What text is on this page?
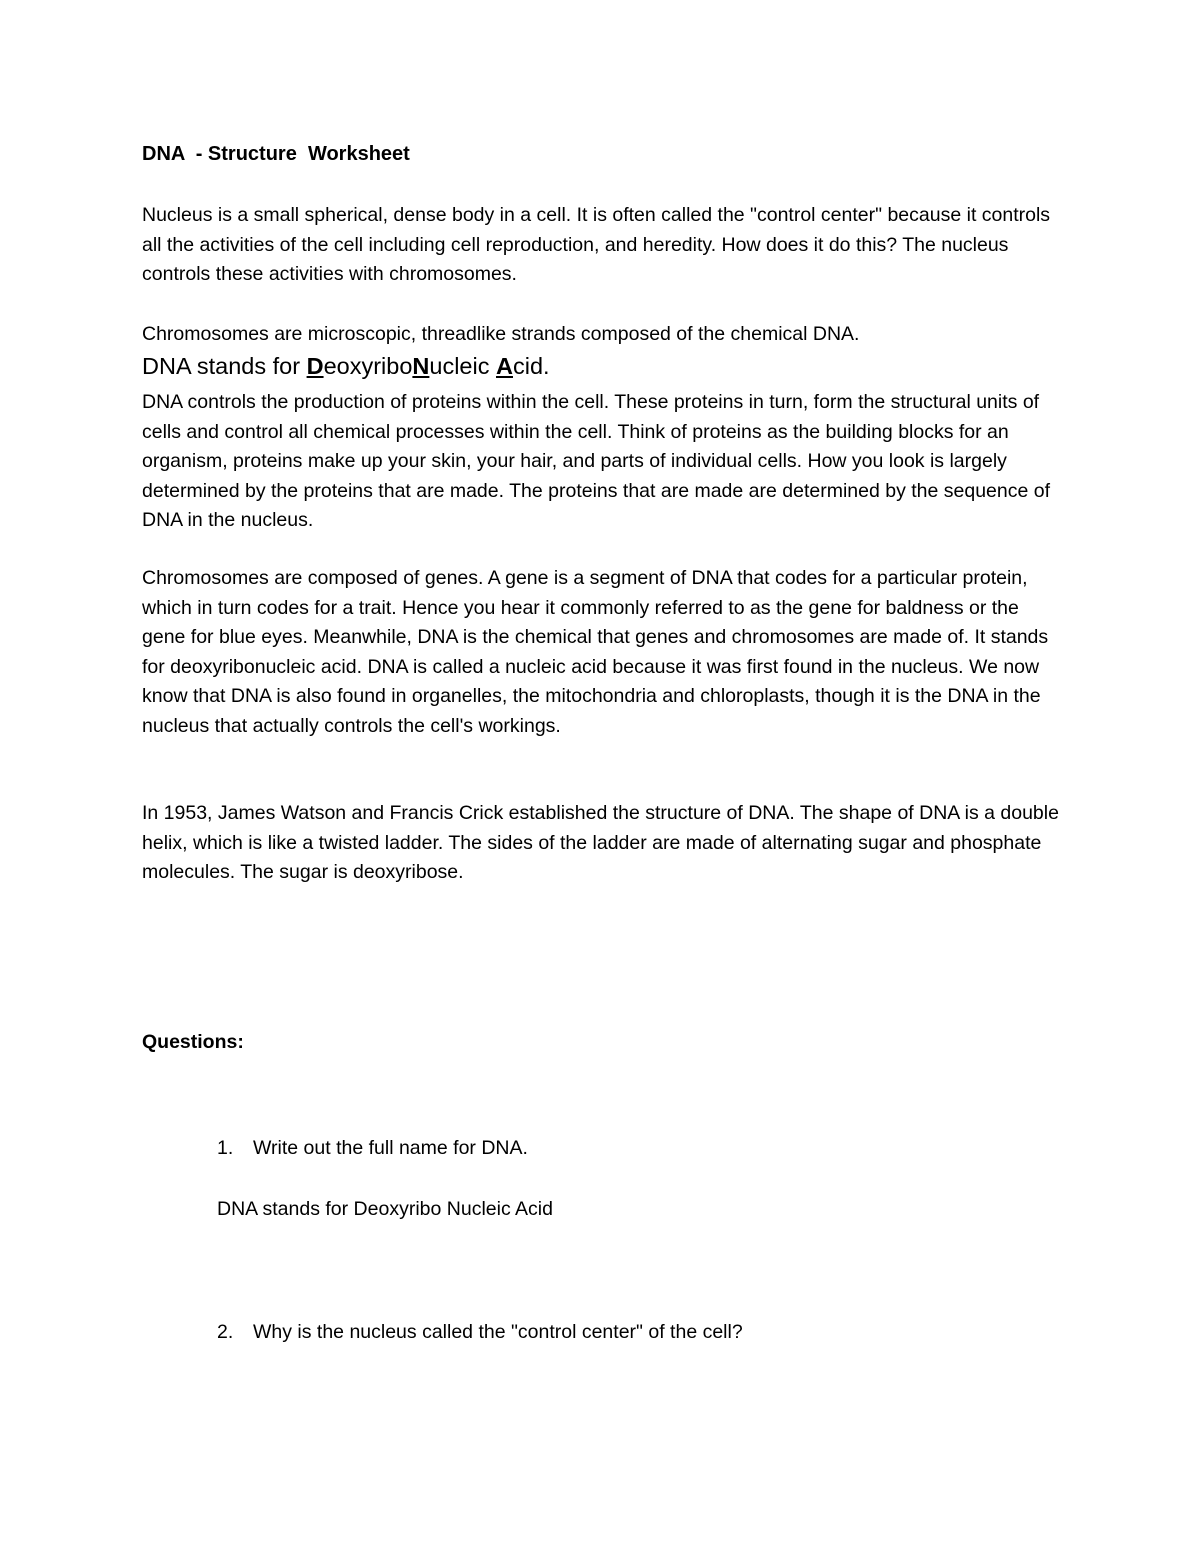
DNA  - Structure  Worksheet

Nucleus is a small spherical, dense body in a cell. It is often called the "control center" because it controls all the activities of the cell including cell reproduction, and heredity. How does it do this? The nucleus controls these activities with chromosomes.

Chromosomes are microscopic, threadlike strands composed of the chemical DNA.

DNA stands for DeoxyriboNucleic Acid.

DNA controls the production of proteins within the cell. These proteins in turn, form the structural units of cells and control all chemical processes within the cell. Think of proteins as the building blocks for an organism, proteins make up your skin, your hair, and parts of individual cells. How you look is largely determined by the proteins that are made. The proteins that are made are determined by the sequence of DNA in the nucleus.

Chromosomes are composed of genes. A gene is a segment of DNA that codes for a particular protein, which in turn codes for a trait. Hence you hear it commonly referred to as the gene for baldness or the gene for blue eyes. Meanwhile, DNA is the chemical that genes and chromosomes are made of. It stands for deoxyribonucleic acid. DNA is called a nucleic acid because it was first found in the nucleus. We now know that DNA is also found in organelles, the mitochondria and chloroplasts, though it is the DNA in the nucleus that actually controls the cell's workings.

In 1953, James Watson and Francis Crick established the structure of DNA. The shape of DNA is a double helix, which is like a twisted ladder. The sides of the ladder are made of alternating sugar and phosphate molecules. The sugar is deoxyribose.

Questions:

1. Write out the full name for DNA.

DNA stands for Deoxyribo Nucleic Acid

2. Why is the nucleus called the "control center" of the cell?
